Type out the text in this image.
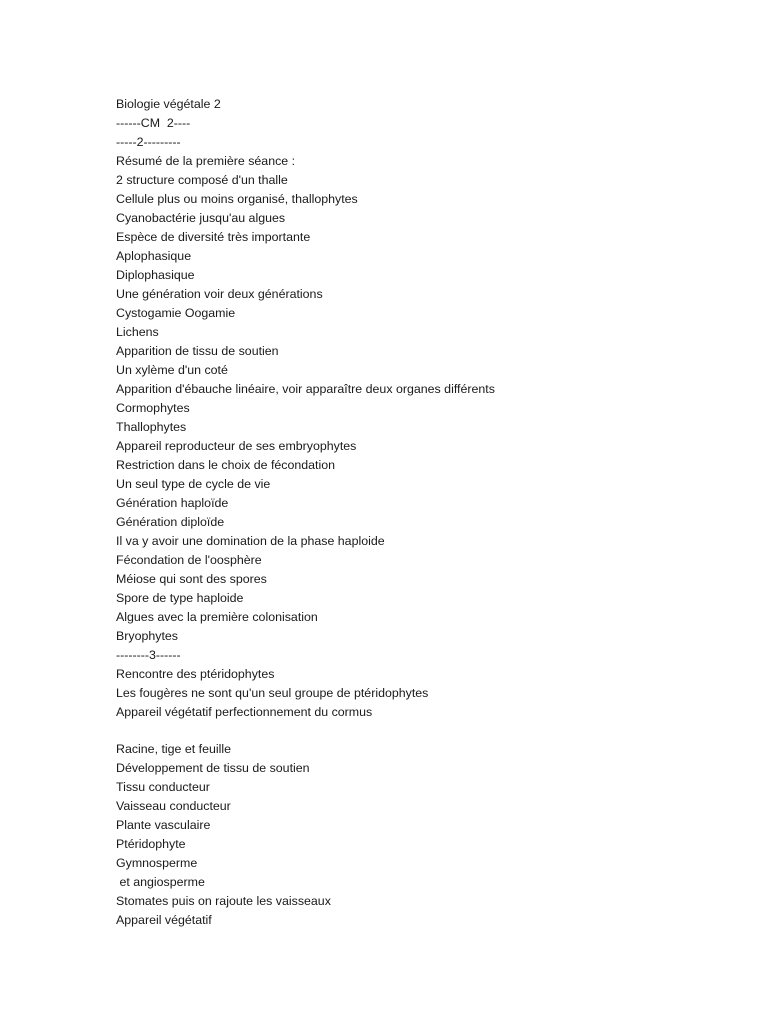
Biologie végétale 2
------CM  2----
-----2---------
Résumé de la première séance :
2 structure composé d'un thalle
Cellule plus ou moins organisé, thallophytes
Cyanobactérie jusqu'au algues
Espèce de diversité très importante
Aplophasique
Diplophasique
Une génération voir deux générations
Cystogamie Oogamie
Lichens
Apparition de tissu de soutien
Un xylème d'un coté
Apparition d'ébauche linéaire, voir apparaître deux organes différents
Cormophytes
Thallophytes
Appareil reproducteur de ses embryophytes
Restriction dans le choix de fécondation
Un seul type de cycle de vie
Génération haploïde
Génération diploïde
Il va y avoir une domination de la phase haploide
Fécondation de l'oosphère
Méiose qui sont des spores
Spore de type haploide
Algues avec la première colonisation
Bryophytes
--------3------
Rencontre des ptéridophytes
Les fougères ne sont qu'un seul groupe de ptéridophytes
Appareil végétatif perfectionnement du cormus
Racine, tige et feuille
Développement de tissu de soutien
Tissu conducteur
Vaisseau conducteur
Plante vasculaire
Ptéridophyte
Gymnosperme
et angiosperme
Stomates puis on rajoute les vaisseaux
Appareil végétatif
